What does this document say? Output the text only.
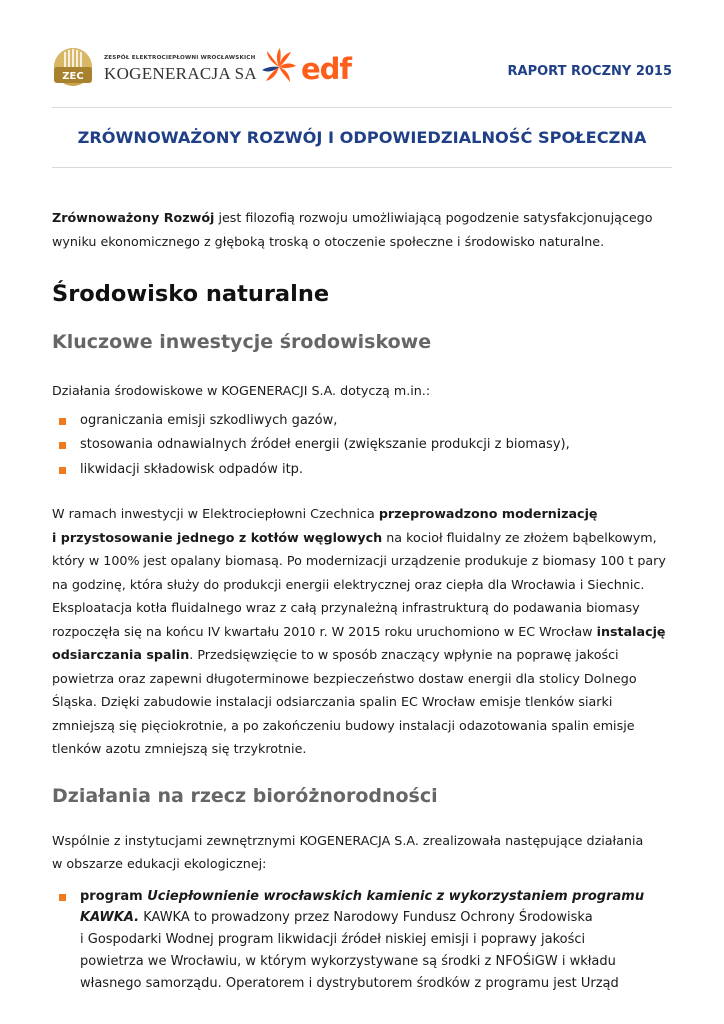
ZEC
ZESPÓŁ ELEKTROCIEPŁOWNI WROCŁAWSKICH
KOGENERACJA SA edf	RAPORT ROCZNY 2015
ZRÓWNOWAŻONY ROZWÓJ I ODPOWIEDZIALNOŚĆ SPOŁECZNA

Zrównoważony Rozwój jest filozofią rozwoju umożliwiającą pogodzenie satysfakcjonującego
wyniku ekonomicznego z głęboką troską o otoczenie społeczne i środowisko naturalne.

Środowisko naturalne
Kluczowe inwestycje środowiskowe

Działania środowiskowe w KOGENERACJI S.A. dotyczą m.in.:

ograniczania emisji szkodliwych gazów,
stosowania odnawialnych źródeł energii (zwiększanie produkcji z biomasy),
likwidacji składowisk odpadów itp.

W ramach inwestycji w Elektrociepłowni Czechnica przeprowadzono modernizację
i przystosowanie jednego z kotłów węglowych na kocioł fluidalny ze złożem bąbelkowym,
który w 100% jest opalany biomasą. Po modernizacji urządzenie produkuje z biomasy 100 t pary
na godzinę, która służy do produkcji energii elektrycznej oraz ciepła dla Wrocławia i Siechnic.
Eksploatacja kotła fluidalnego wraz z całą przynależną infrastrukturą do podawania biomasy
rozpoczęła się na końcu IV kwartału 2010 r. W 2015 roku uruchomiono w EC Wrocław instalację
odsiarczania spalin. Przedsięwzięcie to w sposób znaczący wpłynie na poprawę jakości
powietrza oraz zapewni długoterminowe bezpieczeństwo dostaw energii dla stolicy Dolnego
Śląska. Dzięki zabudowie instalacji odsiarczania spalin EC Wrocław emisje tlenków siarki
zmniejszą się pięciokrotnie, a po zakończeniu budowy instalacji odazotowania spalin emisje
tlenków azotu zmniejszą się trzykrotnie.

Działania na rzecz bioróżnorodności

Wspólnie z instytucjami zewnętrznymi KOGENERACJA S.A. zrealizowała następujące działania
w obszarze edukacji ekologicznej:

program Uciepłownienie wrocławskich kamienic z wykorzystaniem programu
KAWKA. KAWKA to prowadzony przez Narodowy Fundusz Ochrony Środowiska
i Gospodarki Wodnej program likwidacji źródeł niskiej emisji i poprawy jakości
powietrza we Wrocławiu, w którym wykorzystywane są środki z NFOŚiGW i wkładu
własnego samorządu. Operatorem i dystrybutorem środków z programu jest Urząd
